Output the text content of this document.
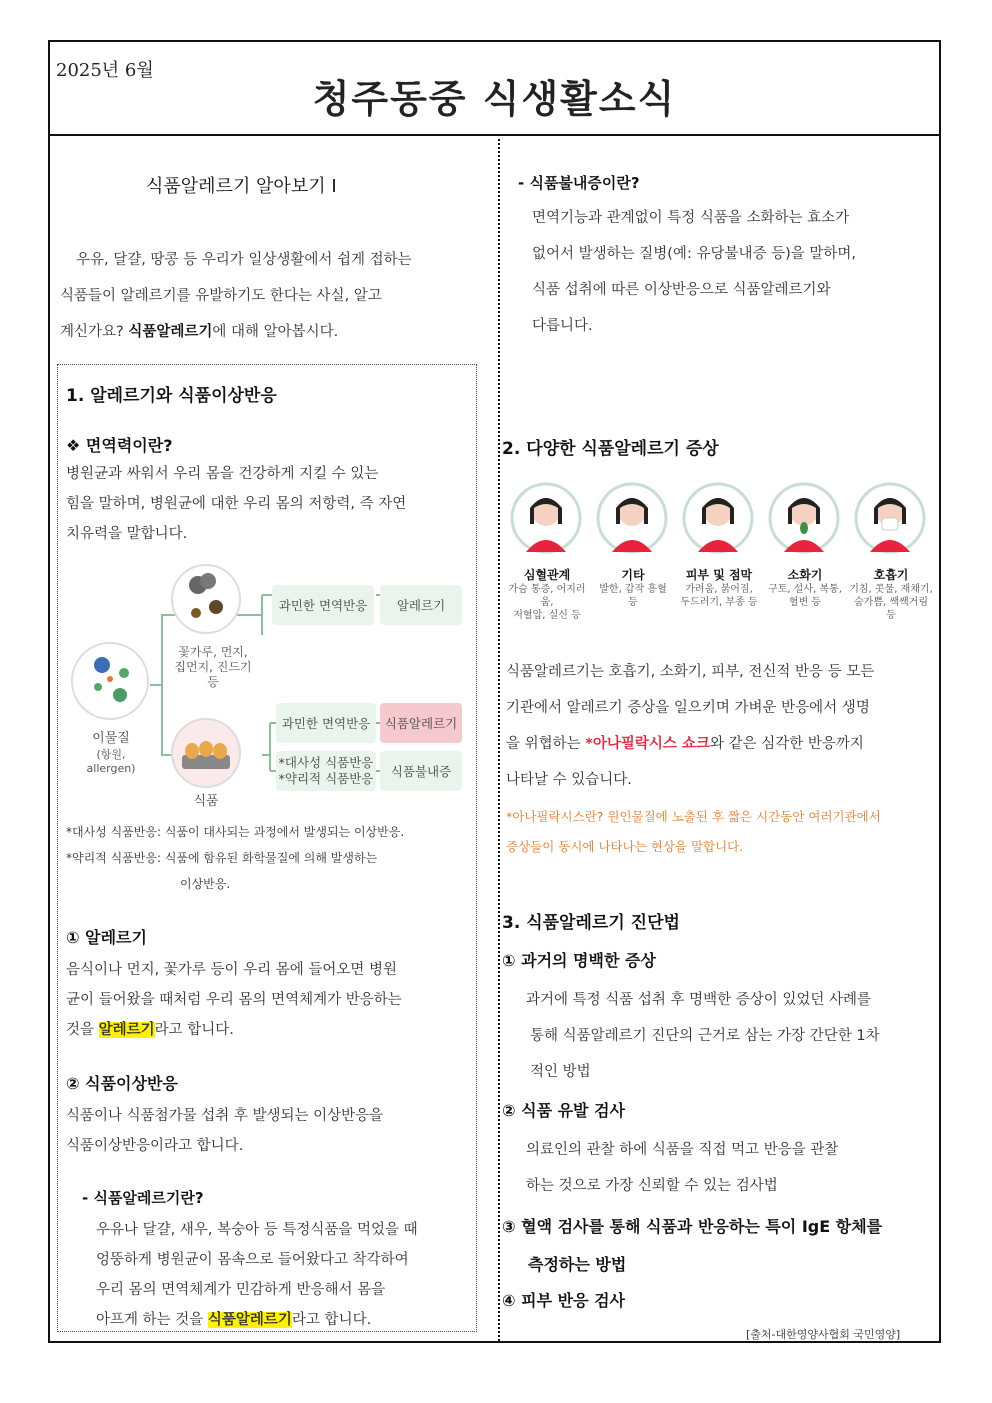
2025년 6월
청주동중 식생활소식
식품알레르기 알아보기 Ⅰ
우유, 달걀, 땅콩 등 우리가 일상생활에서 쉽게 접하는
식품들이 알레르기를 유발하기도 한다는 사실, 알고
계신가요? 식품알레르기에 대해 알아봅시다.
1. 알레르기와 식품이상반응
❖ 면역력이란?
병원균과 싸워서 우리 몸을 건강하게 지킬 수 있는
힘을 말하며, 병원균에 대한 우리 몸의 저항력, 즉 자연
치유력을 말합니다.
이물질
(항원, allergen)
꽃가루, 먼지,
집먼지, 진드기 등
식품
과민한 면역반응	알레르기
과민한 면역반응	식품알레르기
*대사성 식품반응
*약리적 식품반응	식품불내증
*대사성 식품반응: 식품이 대사되는 과정에서 발생되는 이상반응.
*약리적 식품반응: 식품에 함유된 화학물질에 의해 발생하는
이상반응.
① 알레르기
음식이나 먼지, 꽃가루 등이 우리 몸에 들어오면 병원
균이 들어왔을 때처럼 우리 몸의 면역체계가 반응하는
것을 알레르기라고 합니다.
② 식품이상반응
식품이나 식품첨가물 섭취 후 발생되는 이상반응을
식품이상반응이라고 합니다.
- 식품알레르기란?
우유나 달걀, 새우, 복숭아 등 특정식품을 먹었을 때
엉뚱하게 병원균이 몸속으로 들어왔다고 착각하여
우리 몸의 면역체계가 민감하게 반응해서 몸을
아프게 하는 것을 식품알레르기라고 합니다.
- 식품불내증이란?
면역기능과 관계없이 특정 식품을 소화하는 효소가
없어서 발생하는 질병(예: 유당불내증 등)을 말하며,
식품 섭취에 따른 이상반응으로 식품알레르기와
다릅니다.
2. 다양한 식품알레르기 증상
심혈관계
가슴 통증, 어지러움,
저혈압, 실신 등
기타
발한, 갑작 흥혈
등
피부 및 점막
가려움, 붉어짐,
두드러기, 부종 등
소화기
구토, 설사, 복통,
혈변 등
호흡기
기침, 콧물, 재채기,
숨가쁨, 쌕쌕거림 등
식품알레르기는 호흡기, 소화기, 피부, 전신적 반응 등 모든
기관에서 알레르기 증상을 일으키며 가벼운 반응에서 생명
을 위협하는 *아나필락시스 쇼크와 같은 심각한 반응까지
나타날 수 있습니다.
*아나필락시스란? 원인물질에 노출된 후 짧은 시간동안 여러기관에서
증상들이 동시에 나타나는 현상을 말합니다.
3. 식품알레르기 진단법
① 과거의 명백한 증상
과거에 특정 식품 섭취 후 명백한 증상이 있었던 사례를
통해 식품알레르기 진단의 근거로 삼는 가장 간단한 1차
적인 방법
② 식품 유발 검사
의료인의 관찰 하에 식품을 직접 먹고 반응을 관찰
하는 것으로 가장 신뢰할 수 있는 검사법
③ 혈액 검사를 통해 식품과 반응하는 특이 IgE 항체를
측정하는 방법
④ 피부 반응 검사
[출처-대한영양사협회 국민영양]
